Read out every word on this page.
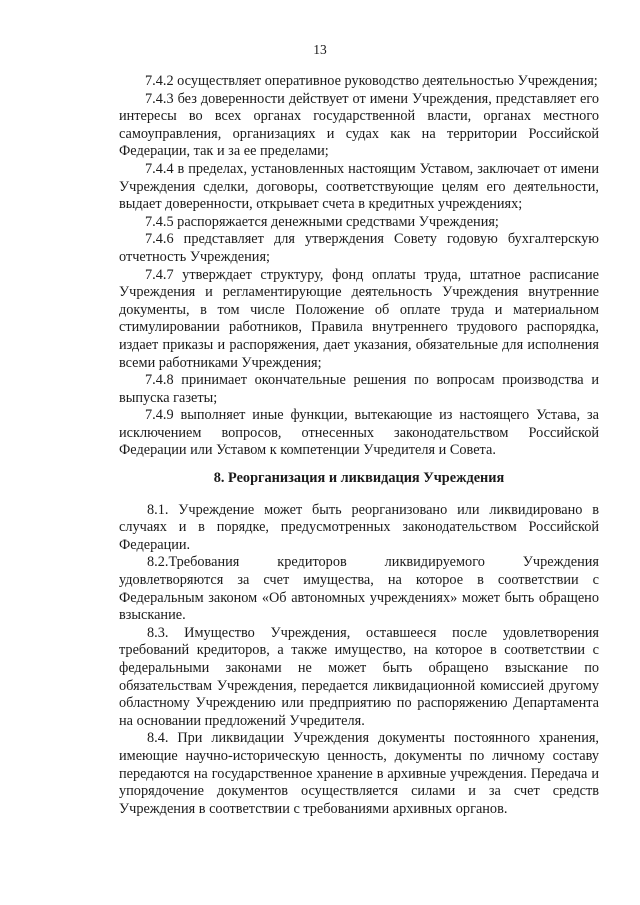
13

7.4.2 осуществляет оперативное руководство деятельностью Учреждения;

7.4.3 без доверенности действует от имени Учреждения, представляет его интересы во всех органах государственной власти, органах местного самоуправления, организациях и судах как на территории Российской Федерации, так и за ее пределами;

7.4.4 в пределах, установленных настоящим Уставом, заключает от имени Учреждения сделки, договоры, соответствующие целям его деятельности, выдает доверенности, открывает счета в кредитных учреждениях;

7.4.5 распоряжается денежными средствами Учреждения;

7.4.6 представляет для утверждения Совету годовую бухгалтерскую отчетность Учреждения;

7.4.7 утверждает структуру, фонд оплаты труда, штатное расписание Учреждения и регламентирующие деятельность Учреждения внутренние документы, в том числе Положение об оплате труда и материальном стимулировании работников, Правила внутреннего трудового распорядка, издает приказы и распоряжения, дает указания, обязательные для исполнения всеми работниками Учреждения;

7.4.8 принимает окончательные решения по вопросам производства и выпуска газеты;

7.4.9 выполняет иные функции, вытекающие из настоящего Устава, за исключением вопросов, отнесенных законодательством Российской Федерации или Уставом к компетенции Учредителя и Совета.

8. Реорганизация и ликвидация Учреждения

8.1. Учреждение может быть реорганизовано или ликвидировано в случаях и в порядке, предусмотренных законодательством Российской Федерации.

8.2.Требования кредиторов ликвидируемого Учреждения удовлетворяются за счет имущества, на которое в соответствии с Федеральным законом «Об автономных учреждениях» может быть обращено взыскание.

8.3. Имущество Учреждения, оставшееся после удовлетворения требований кредиторов, а также имущество, на которое в соответствии с федеральными законами не может быть обращено взыскание по обязательствам Учреждения, передается ликвидационной комиссией другому областному Учреждению или предприятию по распоряжению Департамента на основании предложений Учредителя.

8.4. При ликвидации Учреждения документы постоянного хранения, имеющие научно-историческую ценность, документы по личному составу передаются на государственное хранение в архивные учреждения. Передача и упорядочение документов осуществляется силами и за счет средств Учреждения в соответствии с требованиями архивных органов.
